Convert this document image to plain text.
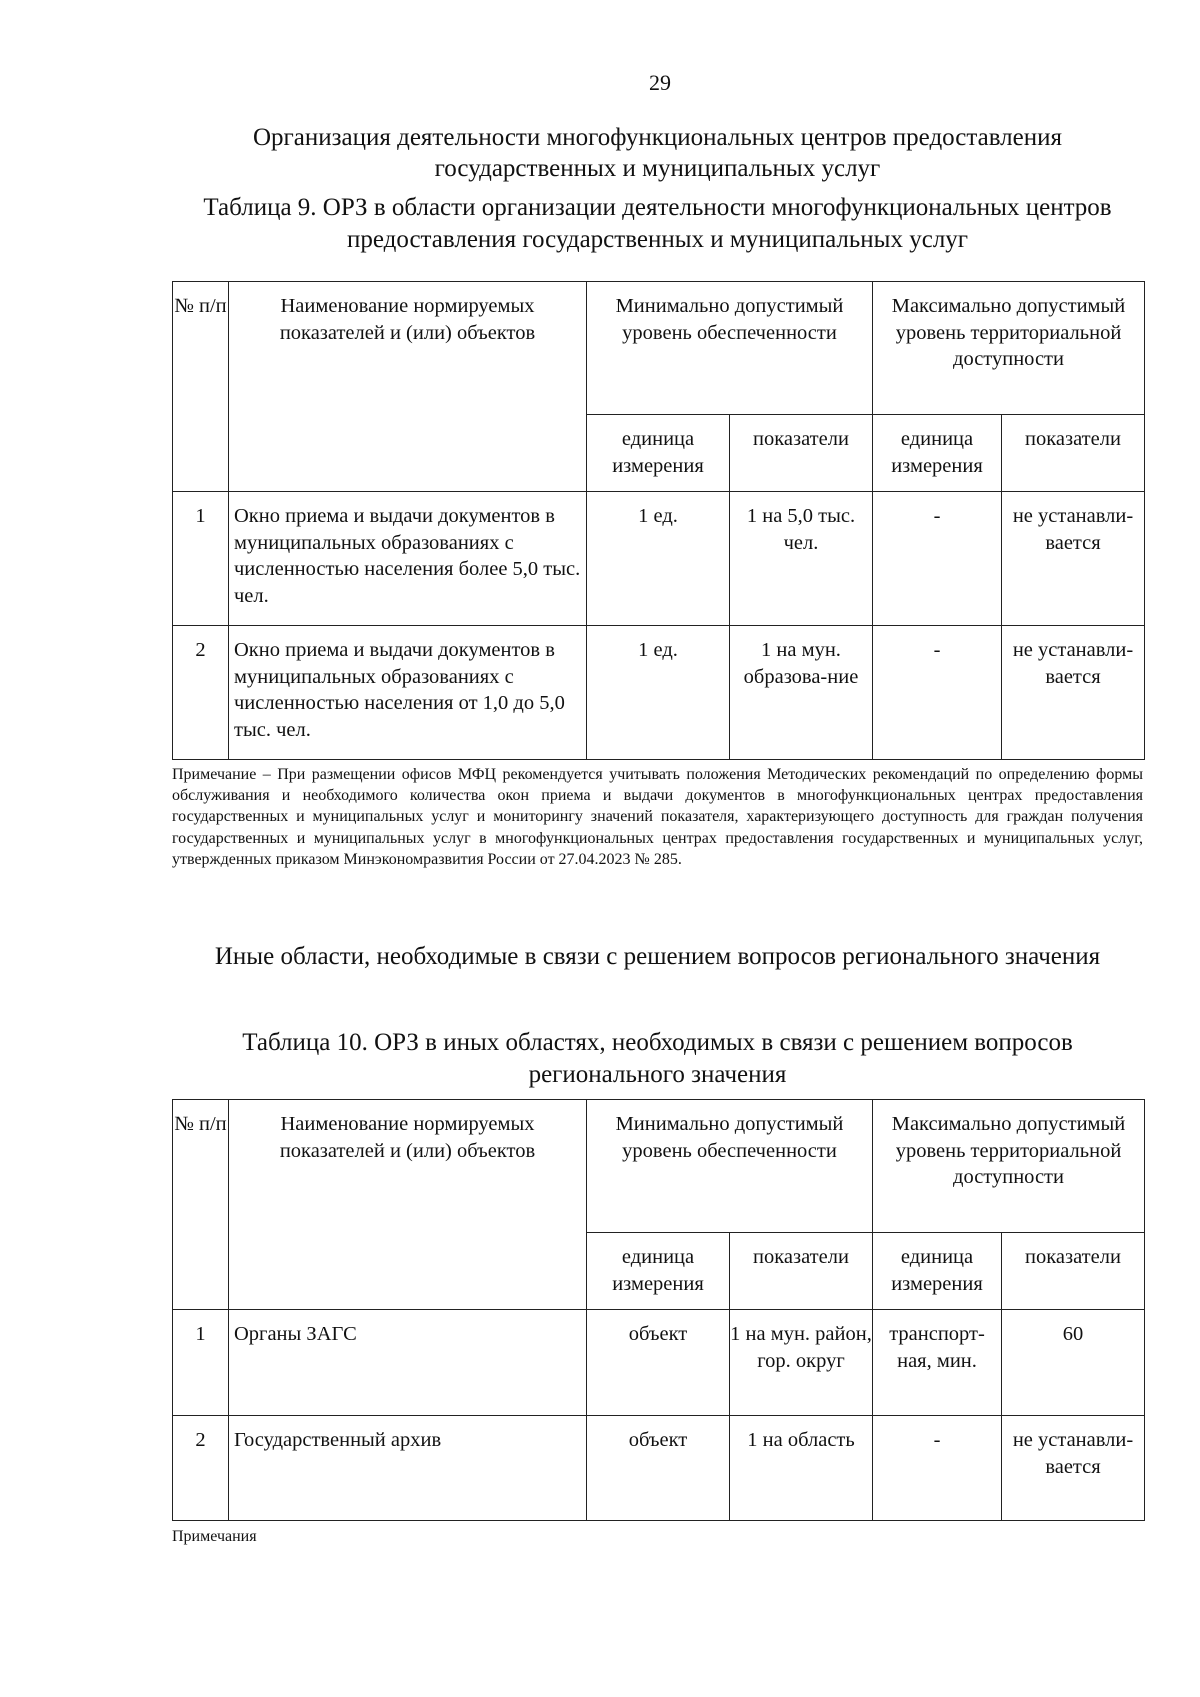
29
Организация деятельности многофункциональных центров предоставления государственных и муниципальных услуг
Таблица 9. ОРЗ в области организации деятельности многофункциональных центров предоставления государственных и муниципальных услуг
№ п/п	Наименование нормируемых показателей и (или) объектов	Минимально допустимый уровень обеспеченности		Максимально допустимый уровень территориальной доступности	
		единица измерения	показатели	единица измерения	показатели
1	Окно приема и выдачи документов в муниципальных образованиях с численностью населения более 5,0 тыс. чел.	1 ед.	1 на 5,0 тыс. чел.	-	не устанавли-вается
2	Окно приема и выдачи документов в муниципальных образованиях с численностью населения от 1,0 до 5,0 тыс. чел.	1 ед.	1 на мун. образова-ние	-	не устанавли-вается
Примечание – При размещении офисов МФЦ рекомендуется учитывать положения Методических рекомендаций по определению формы обслуживания и необходимого количества окон приема и выдачи документов в многофункциональных центрах предоставления государственных и муниципальных услуг и мониторингу значений показателя, характеризующего доступность для граждан получения государственных и муниципальных услуг в многофункциональных центрах предоставления государственных и муниципальных услуг, утвержденных приказом Минэкономразвития России от 27.04.2023 № 285.
Иные области, необходимые в связи с решением вопросов регионального значения
Таблица 10. ОРЗ в иных областях, необходимых в связи с решением вопросов регионального значения
№ п/п	Наименование нормируемых показателей и (или) объектов	Минимально допустимый уровень обеспеченности		Максимально допустимый уровень территориальной доступности	
		единица измерения	показатели	единица измерения	показатели
1	Органы ЗАГС	объект	1 на мун. район, гор. округ	транспорт-ная, мин.	60
2	Государственный архив	объект	1 на область	-	не устанавли-вается
Примечания
